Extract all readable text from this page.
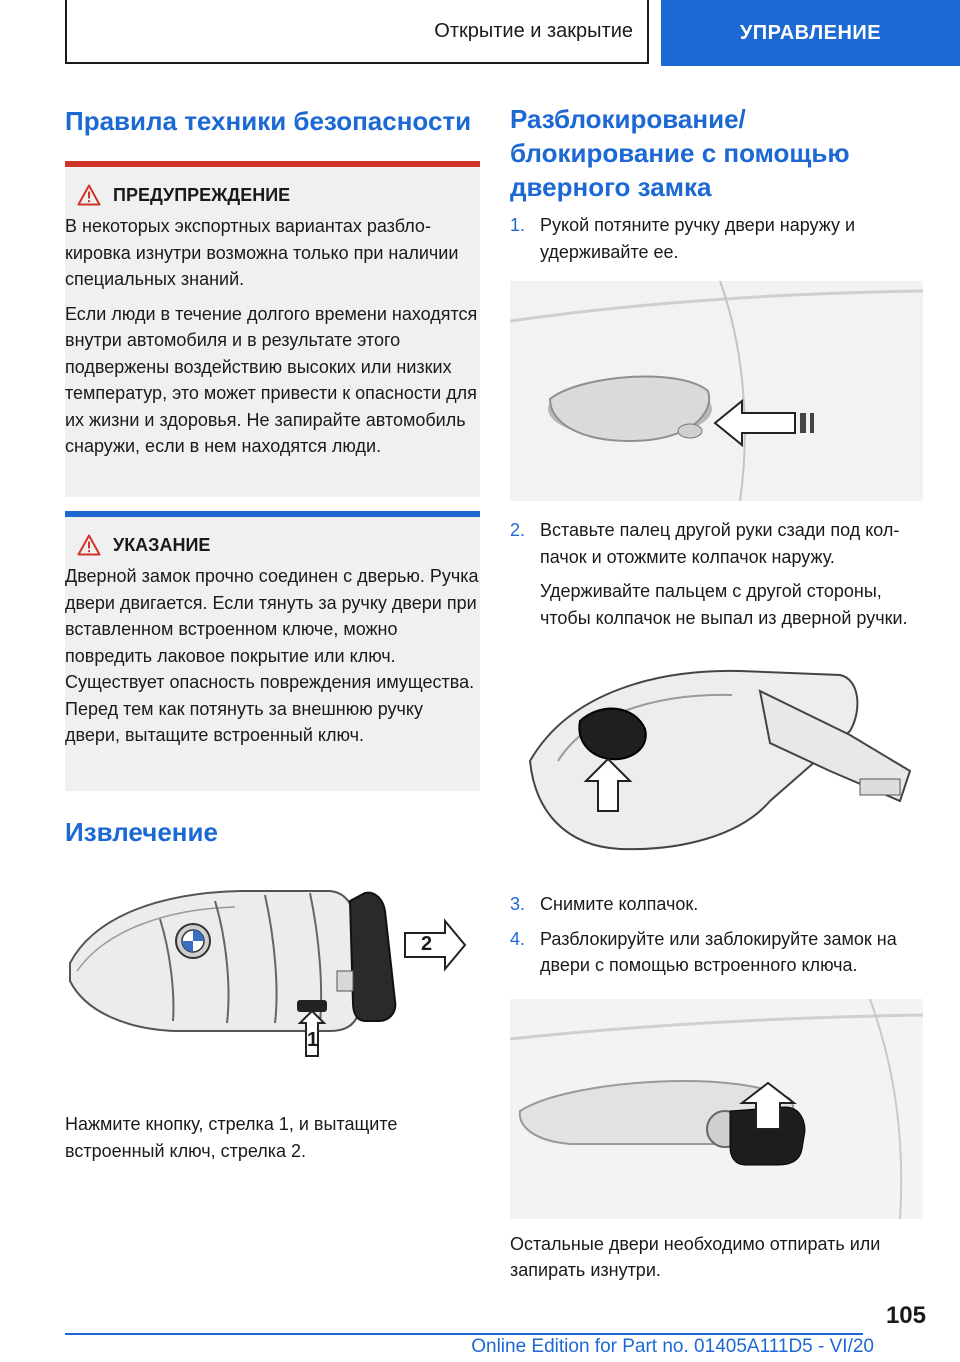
Открытие и закрытие	УПРАВЛЕНИЕ
Правила техники безопасности
ПРЕДУПРЕЖДЕНИЕ

В некоторых экспортных вариантах разблокировка изнутри возможна только при наличии специальных знаний.

Если люди в течение долгого времени находятся внутри автомобиля и в результате этого подвержены воздействию высоких или низких температур, это может привести к опасности для их жизни и здоровья. Не запирайте автомобиль снаружи, если в нем находятся люди.

УКАЗАНИЕ

Дверной замок прочно соединен с дверью. Ручка двери двигается. Если тянуть за ручку двери при вставленном встроенном ключе, можно повредить лаковое покрытие или ключ. Существует опасность повреждения имущества. Перед тем как потянуть за внешнюю ручку двери, вытащите встроенный ключ.

Извлечение
1
2

Нажмите кнопку, стрелка 1, и вытащите встроенный ключ, стрелка 2.

Разблокирование/
блокирование с помощью
дверного замка
1. Рукой потяните ручку двери наружу и удерживайте ее.
2. Вставьте палец другой руки сзади под колпачок и отожмите колпачок наружу.

Удерживайте пальцем с другой стороны, чтобы колпачок не выпал из дверной ручки.

3. Снимите колпачок.
4. Разблокируйте или заблокируйте замок на двери с помощью встроенного ключа.

Остальные двери необходимо отпирать или запирать изнутри.

105
Online Edition for Part no. 01405A111D5 - VI/20
